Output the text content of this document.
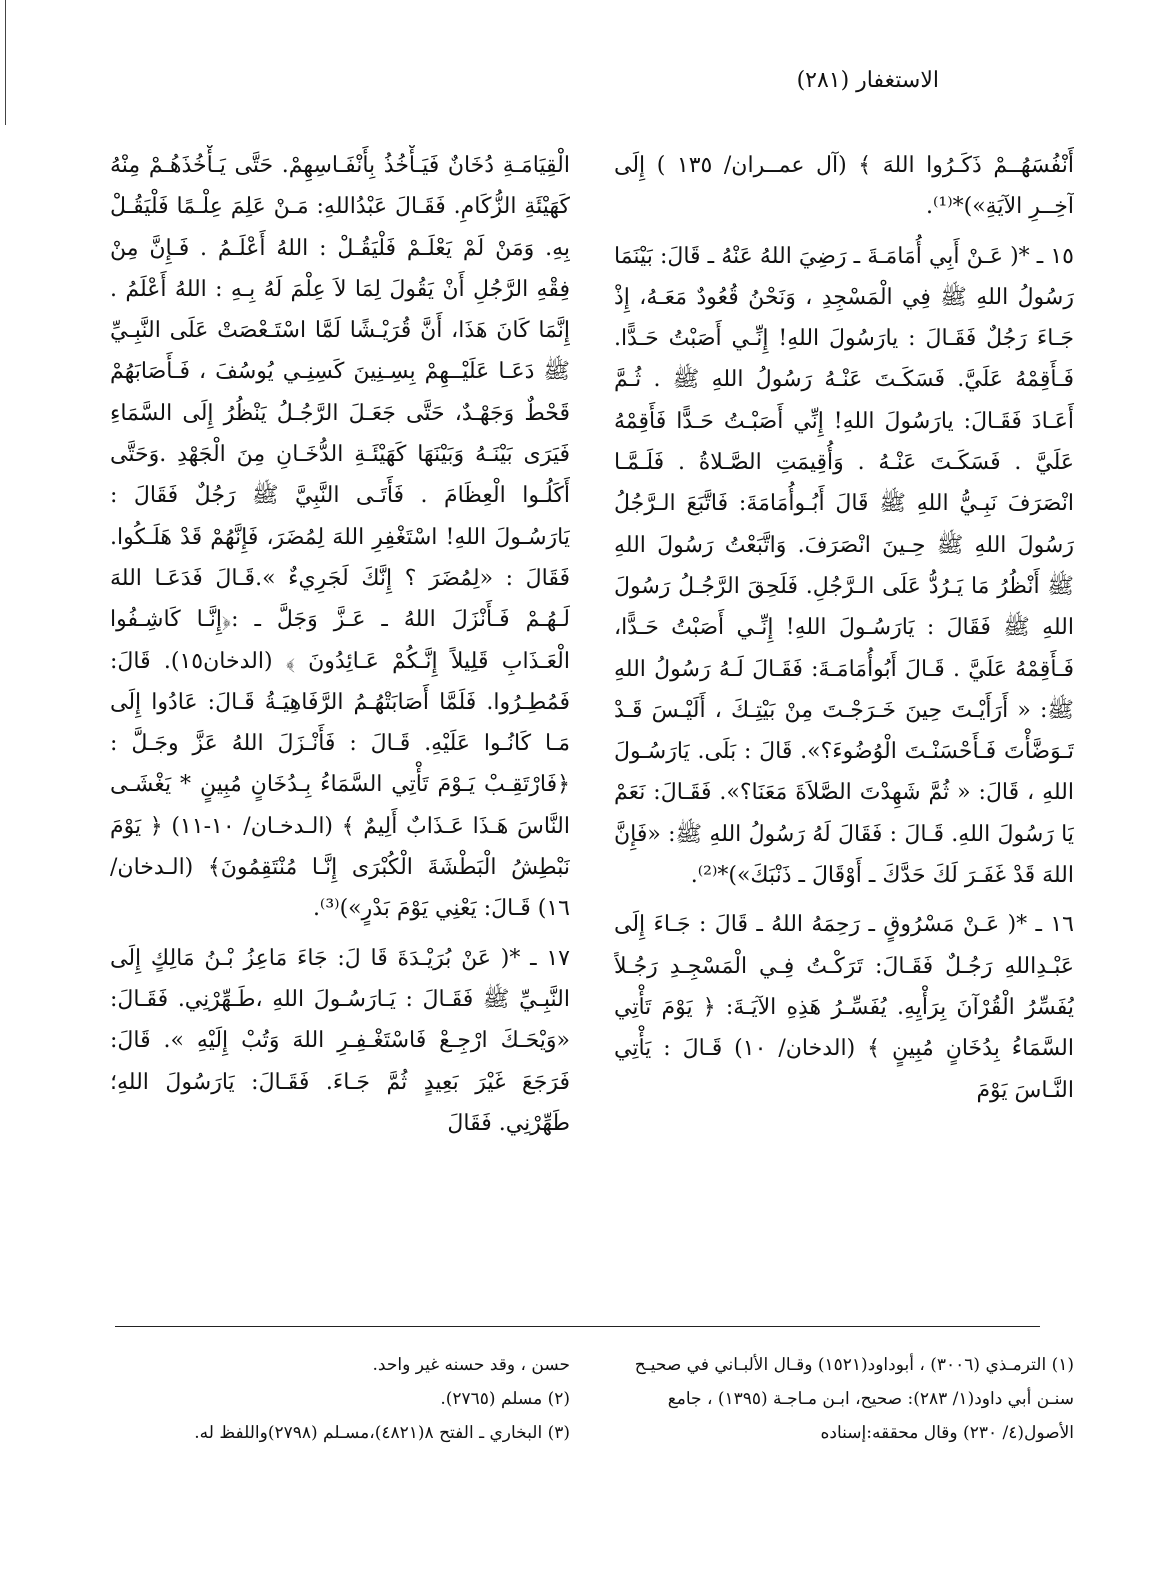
الاستغفار (٢٨١)

أَنْفُسَهُــمْ ذَكَـرُوا اللهَ ﴾ (آل عمــران/ ١٣٥ ) إِلَى آخِــرِ الآيَةِ»)*⁽¹⁾.

١٥ ـ *( عَـنْ أَبِي أُمَامَـةَ ـ رَضِيَ اللهُ عَنْهُ ـ قَالَ: بَيْنَمَا رَسُولُ اللهِ ﷺ فِي الْمَسْجِدِ ، وَنَحْنُ قُعُودٌ مَعَـهُ، إِذْ جَـاءَ رَجُلٌ فَقَـالَ : يارَسُولَ اللهِ! إِنِّـي أَصَبْتُ حَـدًّا. فَـأَقِمْهُ عَلَيَّ. فَسَكَـتَ عَنْـهُ رَسُولُ اللهِ ﷺ . ثُـمَّ أَعَـادَ فَقَـالَ: يارَسُولَ اللهِ! إِنِّي أَصَبْـتُ حَـدًّا فَأَقِمْهُ عَلَيَّ . فَسَكَـتَ عَنْـهُ . وَأُقِيمَتِ الصَّـلاةُ . فَلَـمَّـا انْصَرَفَ نَبِـيُّ اللهِ ﷺ قَالَ أَبُـوأُمَامَةَ: فَاتَّبَعَ الـرَّجُلُ رَسُولَ اللهِ ﷺ حِـينَ انْصَرَفَ. وَاتَّبَعْتُ رَسُولَ اللهِ ﷺ أَنْظُرُ مَا يَـرُدُّ عَلَى الـرَّجُلِ. فَلَحِقَ الرَّجُـلُ رَسُولَ اللهِ ﷺ فَقَالَ : يَارَسُـولَ اللهِ! إِنِّـي أَصَبْتُ حَـدًّا، فَـأَقِمْهُ عَلَيَّ . قَـالَ أَبُوأُمَامَـةَ: فَقَـالَ لَـهُ رَسُولُ اللهِ ﷺ: « أَرَأَيْـتَ حِينَ خَـرَجْـتَ مِنْ بَيْتِـكَ ، أَلَيْـسَ قَـدْ تَـوَضَّأْتَ فَـأَحْسَنْـتَ الْوُضُوءَ؟». قَالَ : بَلَى. يَارَسُـولَ اللهِ ، قَالَ: « ثُمَّ شَهِدْتَ الصَّلاَةَ مَعَنَا؟». فَقَـالَ: نَعَمْ يَا رَسُولَ اللهِ. قَـالَ : فَقَالَ لَهُ رَسُولُ اللهِ ﷺ: «فَإِنَّ اللهَ قَدْ غَفَـرَ لَكَ حَدَّكَ ـ أَوْقَالَ ـ ذَنْبَكَ»)*⁽²⁾.

١٦ ـ *( عَـنْ مَسْرُوقٍ ـ رَحِمَهُ اللهُ ـ قَالَ : جَـاءَ إِلَى عَبْـدِاللهِ رَجُـلٌ فَقَـالَ: تَرَكْـتُ فِـي الْمَسْجِـدِ رَجُـلاً يُفَسِّرُ الْقُرْآنَ بِرَأْيِهِ. يُفَسِّـرُ هَذِهِ الآيَـةَ: ﴿ يَوْمَ تَأْتِي السَّمَاءُ بِدُخَانٍ مُبِينٍ ﴾ (الدخان/ ١٠) قَـالَ : يَأْتِي النَّـاسَ يَوْمَ

الْقِيَامَـةِ دُخَانٌ فَيَـأْخُذُ بِأَنْفَـاسِهِمْ. حَتَّى يَـأْخُذَهُـمْ مِنْهُ كَهَيْئَةِ الزُّكَامِ. فَقَـالَ عَبْدُاللهِ: مَـنْ عَلِمَ عِلْـمًا فَلْيَقُـلْ بِهِ. وَمَنْ لَمْ يَعْلَـمْ فَلْيَقُـلْ : اللهُ أَعْلَـمُ . فَـإِنَّ مِنْ فِقْهِ الرَّجُلِ أَنْ يَقُولَ لِمَا لاَ عِلْمَ لَهُ بِـهِ : اللهُ أَعْلَمُ . إِنَّمَا كَانَ هَذَا، أَنَّ قُرَيْـشًا لَمَّا اسْتَـعْصَتْ عَلَى النَّبِـيِّ ﷺ دَعَـا عَلَيْــهِمْ بِسِـنِينَ كَسِنِـي يُوسُفَ ، فَـأَصَابَهُمْ قَحْطٌ وَجَهْـدٌ، حَتَّى جَعَـلَ الرَّجُـلُ يَنْظُرُ إِلَى السَّمَاءِ فَيَرَى بَيْنَـهُ وَبَيْنَهَا كَهَيْئَـةِ الدُّخَـانِ مِنَ الْجَهْدِ .وَحَتَّى أَكَلُـوا الْعِظَامَ . فَأَتَـى النَّبِيَّ ﷺ رَجُلٌ فَقَالَ : يَارَسُـولَ اللهِ! اسْتَغْفِرِ اللهَ لِمُضَرَ، فَإِنَّهُمْ قَدْ هَلَـكُوا. فَقَالَ : «لِمُضَرَ ؟ إِنَّكَ لَجَرِيءٌ ».قَـالَ فَدَعَـا اللهَ لَـهُـمْ فَـأَنْزَلَ اللهُ ـ عَـزَّ وَجَلَّ ـ :﴿إِنَّـا كَاشِـفُوا الْعَـذَابِ قَلِيلاً إِنَّـكُمْ عَـائِدُونَ ﴾ (الدخان١٥). قَالَ: فَمُطِـرُوا. فَلَمَّا أَصَابَتْهُـمُ الرَّفَاهِيَـةُ قَـالَ: عَادُوا إِلَى مَـا كَانُـوا عَلَيْهِ. قَـالَ : فَأَنْـزَلَ اللهُ عَزَّ وجَـلَّ : ﴿فَارْتَقِـبْ يَـوْمَ تَأْتِي السَّمَاءُ بِـدُخَانٍ مُبِينٍ * يَغْشَـى النَّاسَ هَـذَا عَـذَابٌ أَلِيمٌ ﴾ (الـدخـان/ ١٠-١١) ﴿ يَوْمَ نَبْطِشُ الْبَطْشَةَ الْكُبْرَى إِنَّـا مُنْتَقِمُونَ﴾ (الـدخان/ ١٦) قَـالَ: يَعْنِي يَوْمَ بَدْرٍ»)⁽³⁾.

١٧ ـ *( عَنْ بُرَيْـدَةَ قَا لَ: جَاءَ مَاعِزُ بْـنُ مَالِكٍ إِلَى النَّبِـيِّ ﷺ فَقَـالَ : يَـارَسُـولَ اللهِ ،طَـهِّرْنِي. فَقَـالَ: «وَيْحَـكَ ارْجِـعْ فَاسْتَغْـفِـرِ اللهَ وَتُبْ إِلَيْهِ ». قَالَ: فَرَجَعَ غَيْرَ بَعِيدٍ ثُمَّ جَـاءَ. فَقَـالَ: يَارَسُولَ اللهِ؛ طَهِّرْنِي. فَقَالَ

(١) الترمـذي (٣٠٠٦) ، أبوداود(١٥٢١) وقـال الألبـاني في صحيـح سنـن أبي داود(١/ ٢٨٣): صحيح، ابـن مـاجـة (١٣٩٥) ، جامع الأصول(٤/ ٢٣٠) وقال محققه:إسناده

حسن ، وقد حسنه غير واحد.

(٢) مسلم (٢٧٦٥).

(٣) البخاري ـ الفتح ٨(٤٨٢١)،مسـلم (٢٧٩٨)واللفظ له.
